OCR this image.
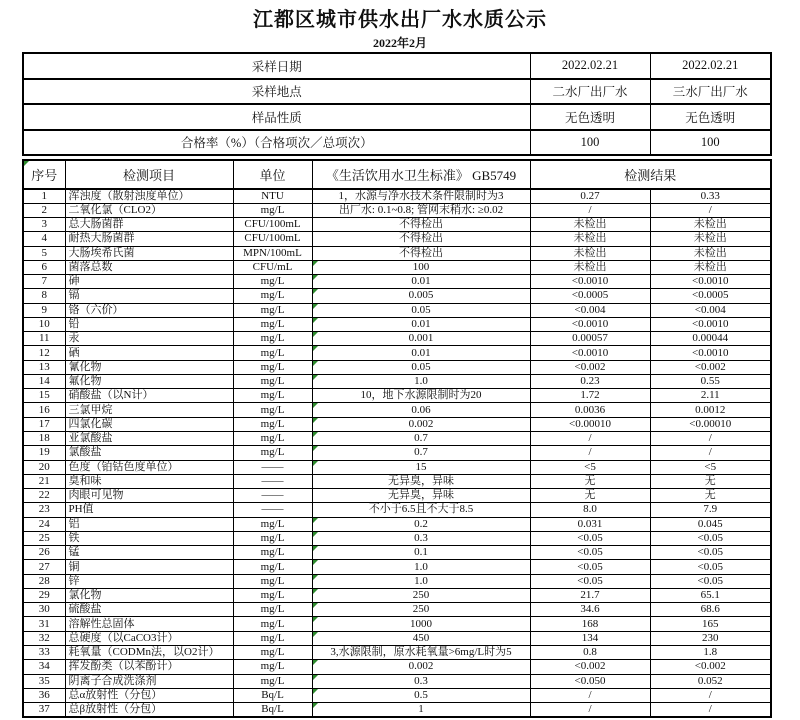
江都区城市供水出厂水水质公示
2022年2月
采样日期	2022.02.21	2022.02.21
采样地点	二水厂出厂水	三水厂出厂水
样品性质	无色透明	无色透明
合格率（%）（合格项次／总项次）	100	100
序号	检测项目	单位	《生活饮用水卫生标准》 GB5749	检测结果	
1	浑浊度（散射浊度单位）	NTU	1，水源与净水技术条件限制时为3	0.27	0.33
2	二氧化氯（CLO2）	mg/L	出厂水: 0.1~0.8; 管网末稍水: ≥0.02	/	/
3	总大肠菌群	CFU/100mL	不得检出	未检出	未检出
4	耐热大肠菌群	CFU/100mL	不得检出	未检出	未检出
5	大肠埃希氏菌	MPN/100mL	不得检出	未检出	未检出
6	菌落总数	CFU/mL	100	未检出	未检出
7	砷	mg/L	0.01	<0.0010	<0.0010
8	镉	mg/L	0.005	<0.0005	<0.0005
9	铬（六价）	mg/L	0.05	<0.004	<0.004
10	铅	mg/L	0.01	<0.0010	<0.0010
11	汞	mg/L	0.001	0.00057	0.00044
12	硒	mg/L	0.01	<0.0010	<0.0010
13	氰化物	mg/L	0.05	<0.002	<0.002
14	氟化物	mg/L	1.0	0.23	0.55
15	硝酸盐（以N计）	mg/L	10，地下水源限制时为20	1.72	2.11
16	三氯甲烷	mg/L	0.06	0.0036	0.0012
17	四氯化碳	mg/L	0.002	<0.00010	<0.00010
18	亚氯酸盐	mg/L	0.7	/	/
19	氯酸盐	mg/L	0.7	/	/
20	色度（铂钴色度单位）	——	15	<5	<5
21	臭和味	——	无异臭，异味	无	无
22	肉眼可见物	——	无异臭，异味	无	无
23	PH值	——	不小于6.5且不大于8.5	8.0	7.9
24	铝	mg/L	0.2	0.031	0.045
25	铁	mg/L	0.3	<0.05	<0.05
26	锰	mg/L	0.1	<0.05	<0.05
27	铜	mg/L	1.0	<0.05	<0.05
28	锌	mg/L	1.0	<0.05	<0.05
29	氯化物	mg/L	250	21.7	65.1
30	硫酸盐	mg/L	250	34.6	68.6
31	溶解性总固体	mg/L	1000	168	165
32	总硬度（以CaCO3计）	mg/L	450	134	230
33	耗氧量（CODMn法，以O2计）	mg/L	3,水源限制，原水耗氧量>6mg/L时为5	0.8	1.8
34	挥发酚类（以苯酚计）	mg/L	0.002	<0.002	<0.002
35	阴离子合成洗涤剂	mg/L	0.3	<0.050	0.052
36	总α放射性（分包）	Bq/L	0.5	/	/
37	总β放射性（分包）	Bq/L	1	/	/
